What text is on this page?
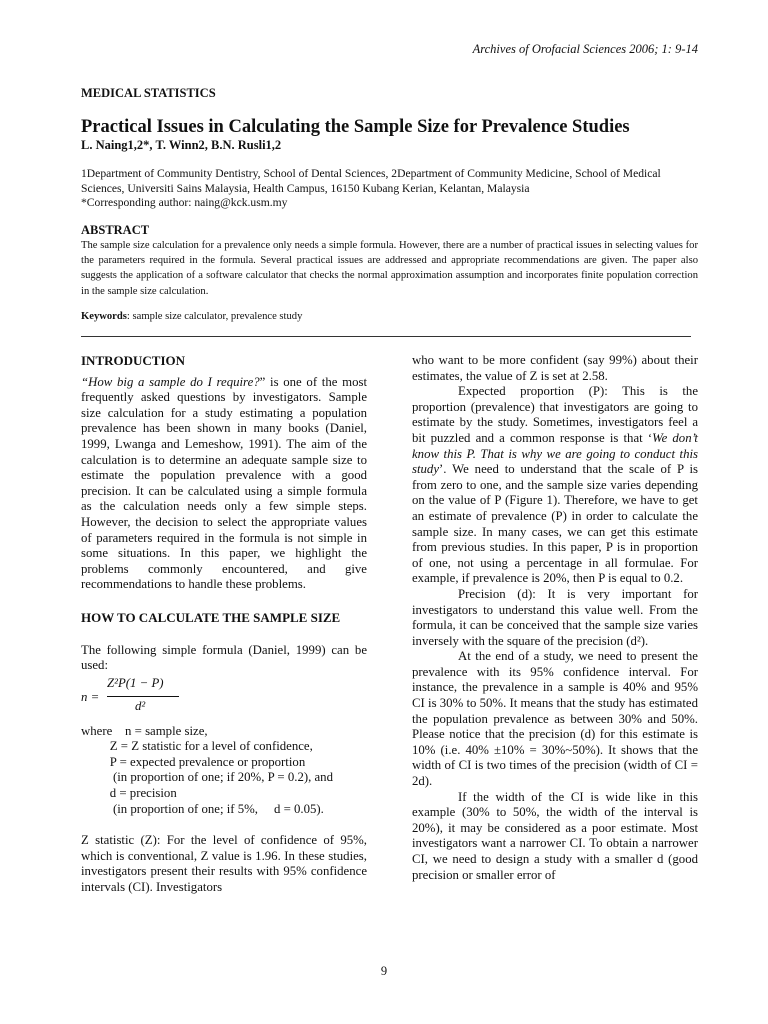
Archives of Orofacial Sciences 2006; 1: 9-14
MEDICAL STATISTICS
Practical Issues in Calculating the Sample Size for Prevalence Studies
L. Naing1,2*, T. Winn2, B.N. Rusli1,2
1Department of Community Dentistry, School of Dental Sciences, 2Department of Community Medicine, School of Medical Sciences, Universiti Sains Malaysia, Health Campus, 16150 Kubang Kerian, Kelantan, Malaysia
*Corresponding author: naing@kck.usm.my
ABSTRACT
The sample size calculation for a prevalence only needs a simple formula. However, there are a number of practical issues in selecting values for the parameters required in the formula. Several practical issues are addressed and appropriate recommendations are given. The paper also suggests the application of a software calculator that checks the normal approximation assumption and incorporates finite population correction in the sample size calculation.
Keywords: sample size calculator, prevalence study

INTRODUCTION

“How big a sample do I require?” is one of the most frequently asked questions by investigators. Sample size calculation for a study estimating a population prevalence has been shown in many books (Daniel, 1999, Lwanga and Lemeshow, 1991). The aim of the calculation is to determine an adequate sample size to estimate the population prevalence with a good precision. It can be calculated using a simple formula as the calculation needs only a few simple steps. However, the decision to select the appropriate values of parameters required in the formula is not simple in some situations. In this paper, we highlight the problems commonly encountered, and give recommendations to handle these problems.

HOW TO CALCULATE THE SAMPLE SIZE

The following simple formula (Daniel, 1999) can be used:

n =
Z²P(1 − P)
d²

where    n = sample size,

Z = Z statistic for a level of confidence,

P = expected prevalence or proportion

(in proportion of one; if 20%, P = 0.2), and

d = precision

(in proportion of one; if 5%,     d = 0.05).

Z statistic (Z): For the level of confidence of 95%, which is conventional, Z value is 1.96. In these studies, investigators present their results with 95% confidence intervals (CI). Investigators

who want to be more confident (say 99%) about their estimates, the value of Z is set at 2.58.

Expected proportion (P): This is the proportion (prevalence) that investigators are going to estimate by the study. Sometimes, investigators feel a bit puzzled and a common response is that ‘We don’t know this P. That is why we are going to conduct this study’. We need to understand that the scale of P is from zero to one, and the sample size varies depending on the value of P (Figure 1). Therefore, we have to get an estimate of prevalence (P) in order to calculate the sample size. In many cases, we can get this estimate from previous studies. In this paper, P is in proportion of one, not using a percentage in all formulae. For example, if prevalence is 20%, then P is equal to 0.2.

Precision (d): It is very important for investigators to understand this value well. From the formula, it can be conceived that the sample size varies inversely with the square of the precision (d²).

At the end of a study, we need to present the prevalence with its 95% confidence interval. For instance, the prevalence in a sample is 40% and 95% CI is 30% to 50%. It means that the study has estimated the population prevalence as between 30% and 50%. Please notice that the precision (d) for this estimate is 10% (i.e. 40% ±10% = 30%~50%). It shows that the width of CI is two times of the precision (width of CI = 2d).

If the width of the CI is wide like in this example (30% to 50%, the width of the interval is 20%), it may be considered as a poor estimate. Most investigators want a narrower CI. To obtain a narrower CI, we need to design a study with a smaller d (good precision or smaller error of

9
